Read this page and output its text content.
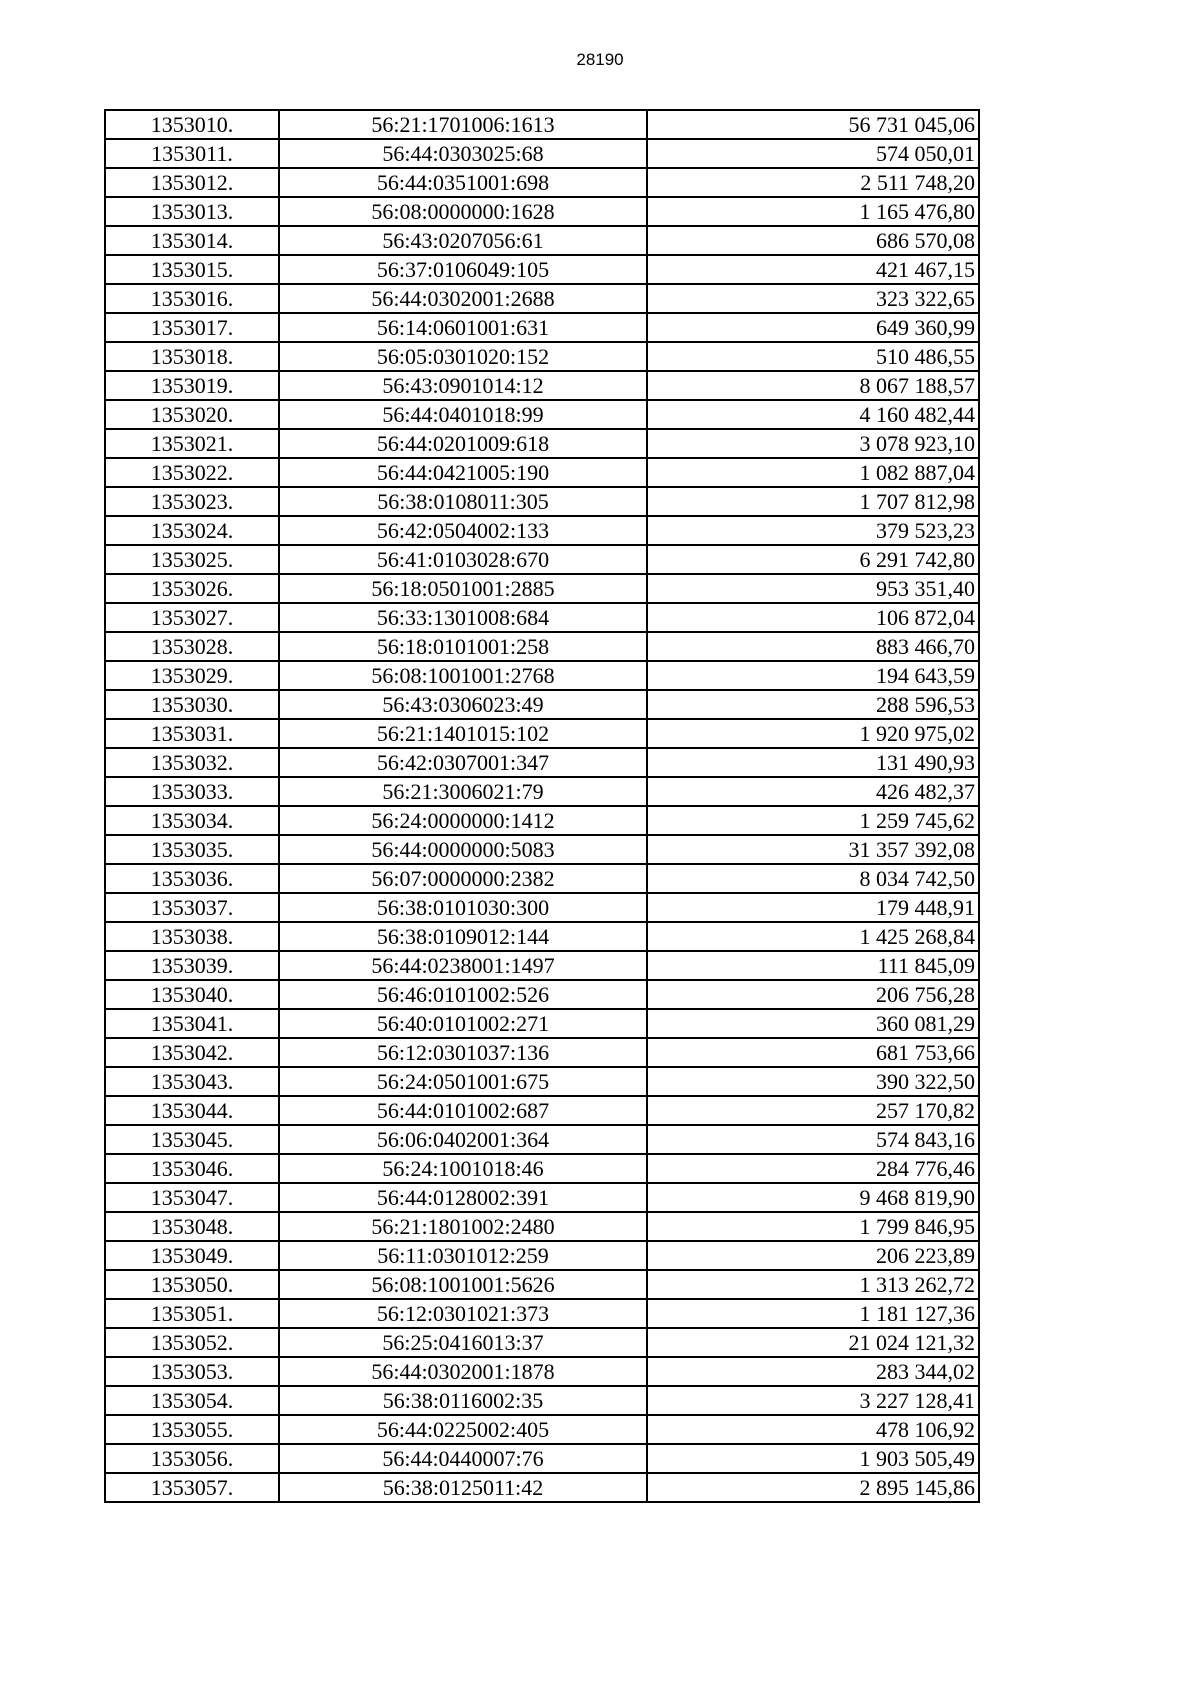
28190
1353010.	56:21:1701006:1613	56 731 045,06
1353011.	56:44:0303025:68	574 050,01
1353012.	56:44:0351001:698	2 511 748,20
1353013.	56:08:0000000:1628	1 165 476,80
1353014.	56:43:0207056:61	686 570,08
1353015.	56:37:0106049:105	421 467,15
1353016.	56:44:0302001:2688	323 322,65
1353017.	56:14:0601001:631	649 360,99
1353018.	56:05:0301020:152	510 486,55
1353019.	56:43:0901014:12	8 067 188,57
1353020.	56:44:0401018:99	4 160 482,44
1353021.	56:44:0201009:618	3 078 923,10
1353022.	56:44:0421005:190	1 082 887,04
1353023.	56:38:0108011:305	1 707 812,98
1353024.	56:42:0504002:133	379 523,23
1353025.	56:41:0103028:670	6 291 742,80
1353026.	56:18:0501001:2885	953 351,40
1353027.	56:33:1301008:684	106 872,04
1353028.	56:18:0101001:258	883 466,70
1353029.	56:08:1001001:2768	194 643,59
1353030.	56:43:0306023:49	288 596,53
1353031.	56:21:1401015:102	1 920 975,02
1353032.	56:42:0307001:347	131 490,93
1353033.	56:21:3006021:79	426 482,37
1353034.	56:24:0000000:1412	1 259 745,62
1353035.	56:44:0000000:5083	31 357 392,08
1353036.	56:07:0000000:2382	8 034 742,50
1353037.	56:38:0101030:300	179 448,91
1353038.	56:38:0109012:144	1 425 268,84
1353039.	56:44:0238001:1497	111 845,09
1353040.	56:46:0101002:526	206 756,28
1353041.	56:40:0101002:271	360 081,29
1353042.	56:12:0301037:136	681 753,66
1353043.	56:24:0501001:675	390 322,50
1353044.	56:44:0101002:687	257 170,82
1353045.	56:06:0402001:364	574 843,16
1353046.	56:24:1001018:46	284 776,46
1353047.	56:44:0128002:391	9 468 819,90
1353048.	56:21:1801002:2480	1 799 846,95
1353049.	56:11:0301012:259	206 223,89
1353050.	56:08:1001001:5626	1 313 262,72
1353051.	56:12:0301021:373	1 181 127,36
1353052.	56:25:0416013:37	21 024 121,32
1353053.	56:44:0302001:1878	283 344,02
1353054.	56:38:0116002:35	3 227 128,41
1353055.	56:44:0225002:405	478 106,92
1353056.	56:44:0440007:76	1 903 505,49
1353057.	56:38:0125011:42	2 895 145,86
